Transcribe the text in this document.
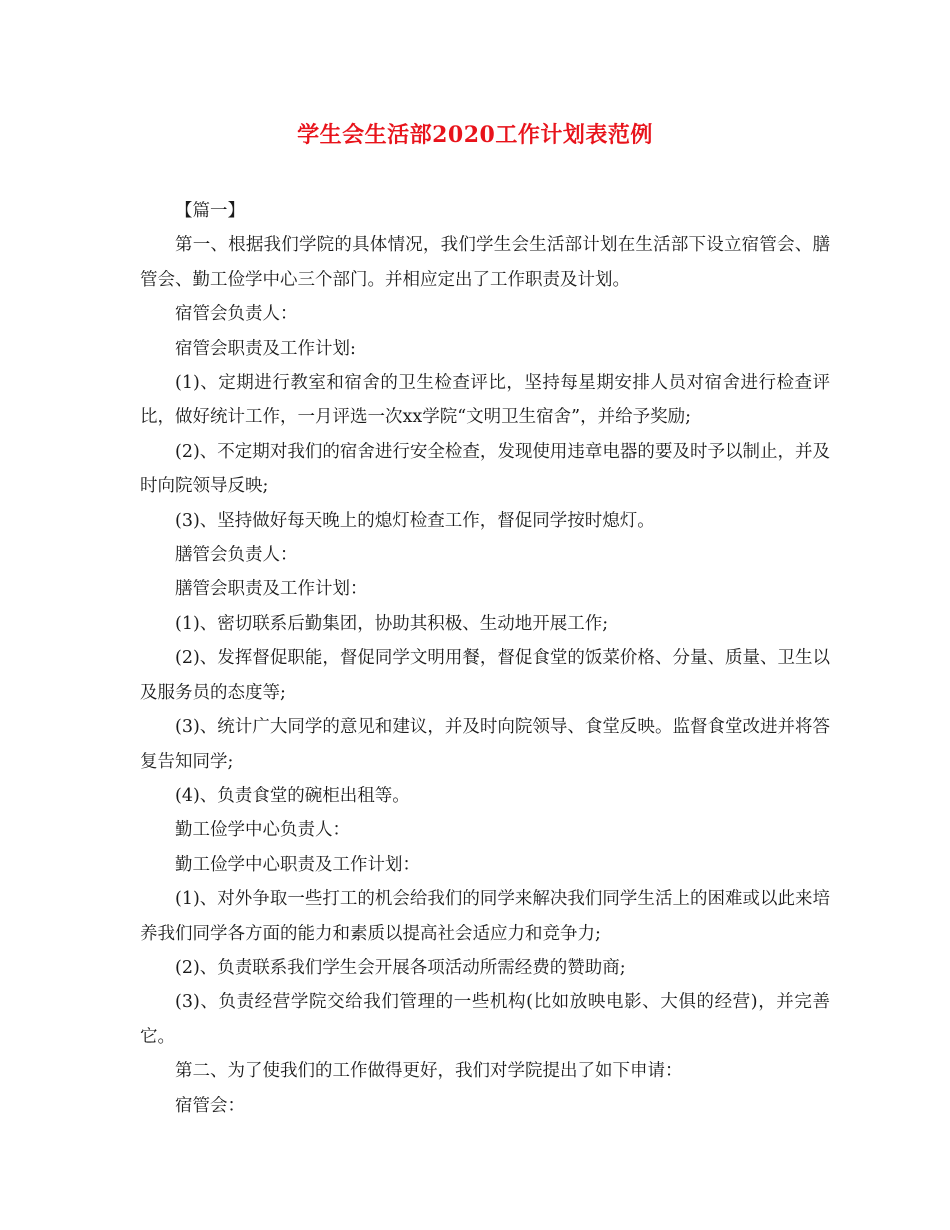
学生会生活部2020工作计划表范例

【篇一】

第一、根据我们学院的具体情况，我们学生会生活部计划在生活部下设立宿管会、膳管会、勤工俭学中心三个部门。并相应定出了工作职责及计划。

宿管会负责人：

宿管会职责及工作计划:

(1)、定期进行教室和宿舍的卫生检查评比，坚持每星期安排人员对宿舍进行检查评比，做好统计工作，一月评选一次xx学院“文明卫生宿舍”，并给予奖励;

(2)、不定期对我们的宿舍进行安全检查，发现使用违章电器的要及时予以制止，并及时向院领导反映;

(3)、坚持做好每天晚上的熄灯检查工作，督促同学按时熄灯。

膳管会负责人：

膳管会职责及工作计划：

(1)、密切联系后勤集团，协助其积极、生动地开展工作;

(2)、发挥督促职能，督促同学文明用餐，督促食堂的饭菜价格、分量、质量、卫生以及服务员的态度等;

(3)、统计广大同学的意见和建议，并及时向院领导、食堂反映。监督食堂改进并将答复告知同学;

(4)、负责食堂的碗柜出租等。

勤工俭学中心负责人：

勤工俭学中心职责及工作计划：

(1)、对外争取一些打工的机会给我们的同学来解决我们同学生活上的困难或以此来培养我们同学各方面的能力和素质以提高社会适应力和竞争力;

(2)、负责联系我们学生会开展各项活动所需经费的赞助商;

(3)、负责经营学院交给我们管理的一些机构(比如放映电影、大俱的经营)，并完善它。

第二、为了使我们的工作做得更好，我们对学院提出了如下申请：

宿管会：
